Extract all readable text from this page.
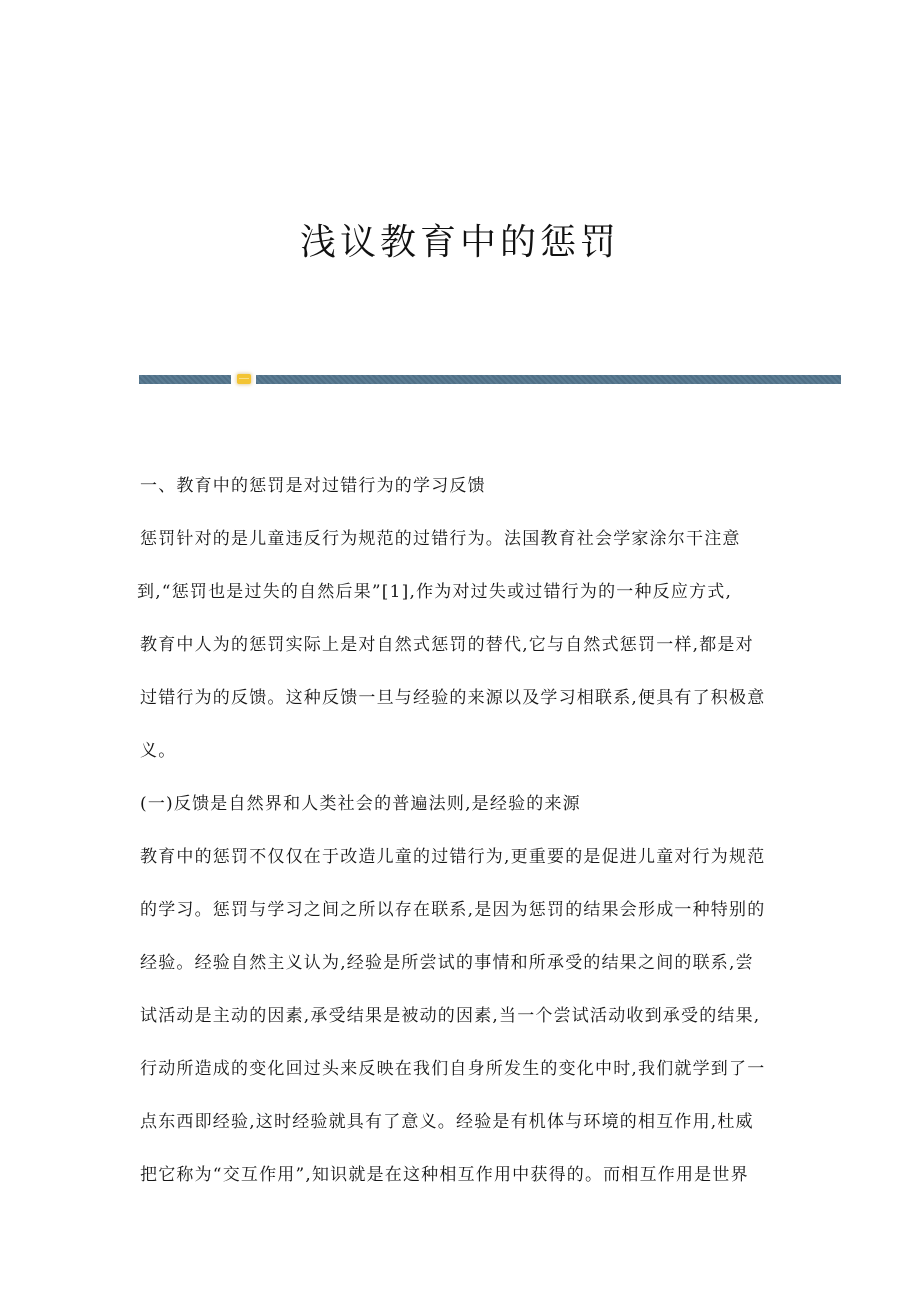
浅议教育中的惩罚
一、教育中的惩罚是对过错行为的学习反馈
惩罚针对的是儿童违反行为规范的过错行为。法国教育社会学家涂尔干注意
到,“惩罚也是过失的自然后果”[1],作为对过失或过错行为的一种反应方式,
教育中人为的惩罚实际上是对自然式惩罚的替代,它与自然式惩罚一样,都是对
过错行为的反馈。这种反馈一旦与经验的来源以及学习相联系,便具有了积极意
义。
(一)反馈是自然界和人类社会的普遍法则,是经验的来源
教育中的惩罚不仅仅在于改造儿童的过错行为,更重要的是促进儿童对行为规范
的学习。惩罚与学习之间之所以存在联系,是因为惩罚的结果会形成一种特别的
经验。经验自然主义认为,经验是所尝试的事情和所承受的结果之间的联系,尝
试活动是主动的因素,承受结果是被动的因素,当一个尝试活动收到承受的结果,
行动所造成的变化回过头来反映在我们自身所发生的变化中时,我们就学到了一
点东西即经验,这时经验就具有了意义。经验是有机体与环境的相互作用,杜威
把它称为“交互作用”,知识就是在这种相互作用中获得的。而相互作用是世界
